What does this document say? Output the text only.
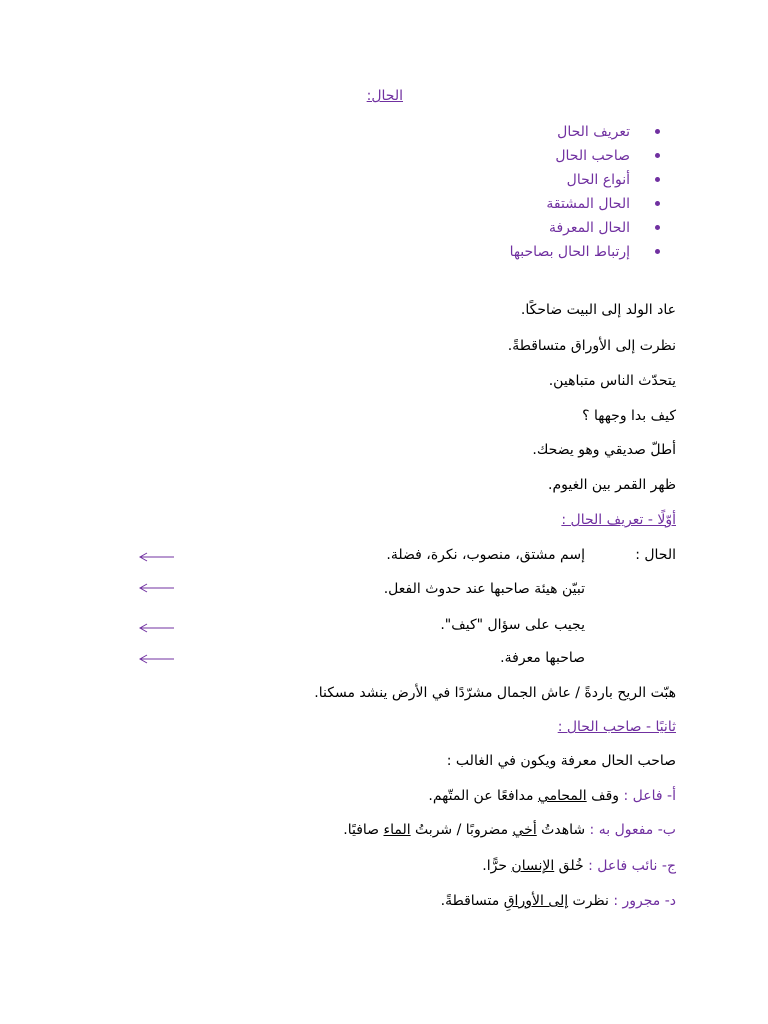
الحال:
تعريف الحال
صاحب الحال
أنواع الحال
الحال المشتقة
الحال المعرفة
إرتباط الحال بصاحبها
عاد الولد إلى البيت ضاحكًا.
نظرت إلى الأوراق متساقطةً.
يتحدّث الناس متباهين.
كيف بدا وجهها ؟
أطلّ صديقي وهو يضحك.
ظهر القمر بين الغيوم.
أوّلًا - تعريف الحال :
الحال :
إسم مشتق، منصوب، نكرة، فضلة.
تبيّن هيئة صاحبها عند حدوث الفعل.
يجيب على سؤال "كيف".
صاحبها معرفة.
هبّت الريح باردةً / عاش الجمال مشرّدًا في الأرض ينشد مسكنا.
ثانيًا - صاحب الحال :
صاحب الحال معرفة ويكون في الغالب :
أ- فاعل : وقف المحامي مدافعًا عن المتّهم.
ب- مفعول به : شاهدتُ أخي مضروبًا / شربتُ الماء صافيًا.
ج- نائب فاعل : خُلق الإنسان حرًّا.
د- مجرور : نظرت إلى الأوراقِ متساقطةً.
